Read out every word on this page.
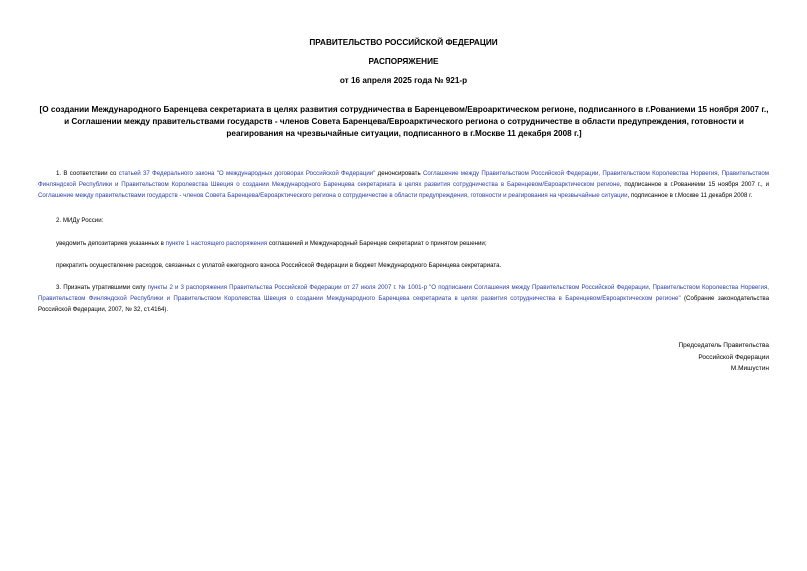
ПРАВИТЕЛЬСТВО РОССИЙСКОЙ ФЕДЕРАЦИИ
РАСПОРЯЖЕНИЕ
от 16 апреля 2025 года № 921-р
[О создании Международного Баренцева секретариата в целях развития сотрудничества в Баренцевом/Евроарктическом регионе, подписанного в г.Рованиеми 15 ноября 2007 г., и Соглашении между правительствами государств - членов Совета Баренцева/Евроарктического региона о сотрудничестве в области предупреждения, готовности и реагирования на чрезвычайные ситуации, подписанного в г.Москве 11 декабря 2008 г.]
1. В соответствии со статьей 37 Федерального закона "О международных договорах Российской Федерации" денонсировать Соглашение между Правительством Российской Федерации, Правительством Королевства Норвегия, Правительством Финляндской Республики и Правительством Королевства Швеция о создании Международного Баренцева секретариата в целях развития сотрудничества в Баренцевом/Евроарктическом регионе, подписанное в г.Рованиеми 15 ноября 2007 г., и Соглашение между правительствами государств - членов Совета Баренцева/Евроарктического региона о сотрудничестве в области предупреждения, готовности и реагирования на чрезвычайные ситуации, подписанное в г.Москве 11 декабря 2008 г.
2. МИДу России:
уведомить депозитариев указанных в пункте 1 настоящего распоряжения соглашений и Международный Баренцев секретариат о принятом решении;
прекратить осуществление расходов, связанных с уплатой ежегодного взноса Российской Федерации в бюджет Международного Баренцева секретариата.
3. Признать утратившими силу пункты 2 и 3 распоряжения Правительства Российской Федерации от 27 июля 2007 г. № 1001-р "О подписании Соглашения между Правительством Российской Федерации, Правительством Королевства Норвегия, Правительством Финляндской Республики и Правительством Королевства Швеция о создании Международного Баренцева секретариата в целях развития сотрудничества в Баренцевом/Евроарктическом регионе" (Собрание законодательства Российской Федерации, 2007, № 32, ст.4164).
Председатель Правительства
Российской Федерации
М.Мишустин
